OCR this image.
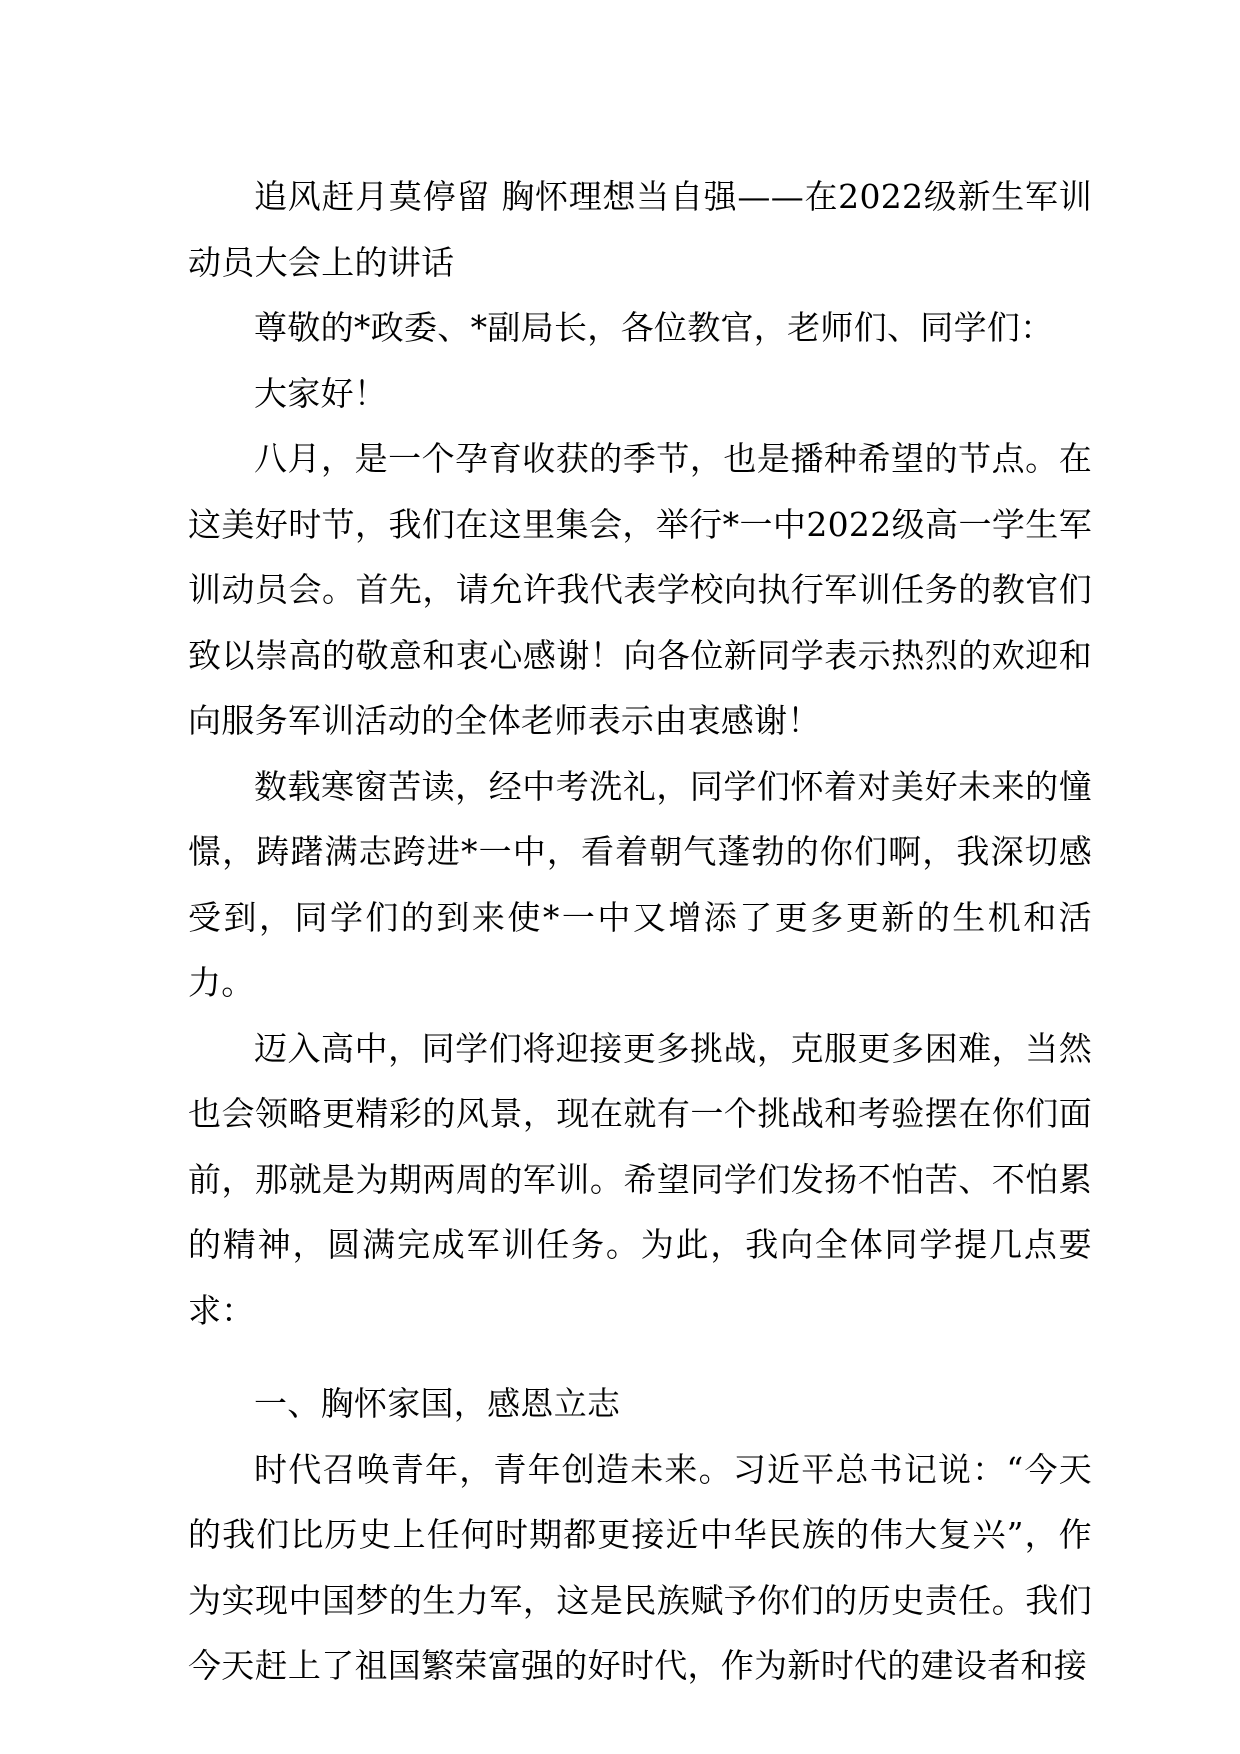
追风赶月莫停留 胸怀理想当自强——在2022级新生军训动员大会上的讲话

尊敬的*政委、*副局长，各位教官，老师们、同学们：

大家好！

八月，是一个孕育收获的季节，也是播种希望的节点。在这美好时节，我们在这里集会，举行*一中2022级高一学生军训动员会。首先，请允许我代表学校向执行军训任务的教官们致以崇高的敬意和衷心感谢！向各位新同学表示热烈的欢迎和向服务军训活动的全体老师表示由衷感谢！

数载寒窗苦读，经中考洗礼，同学们怀着对美好未来的憧憬，踌躇满志跨进*一中，看着朝气蓬勃的你们啊，我深切感受到，同学们的到来使*一中又增添了更多更新的生机和活力。

迈入高中，同学们将迎接更多挑战，克服更多困难，当然也会领略更精彩的风景，现在就有一个挑战和考验摆在你们面前，那就是为期两周的军训。希望同学们发扬不怕苦、不怕累的精神，圆满完成军训任务。为此，我向全体同学提几点要求：

一、胸怀家国，感恩立志

时代召唤青年，青年创造未来。习近平总书记说：“今天的我们比历史上任何时期都更接近中华民族的伟大复兴”，作为实现中国梦的生力军，这是民族赋予你们的历史责任。我们今天赶上了祖国繁荣富强的好时代，作为新时代的建设者和接
